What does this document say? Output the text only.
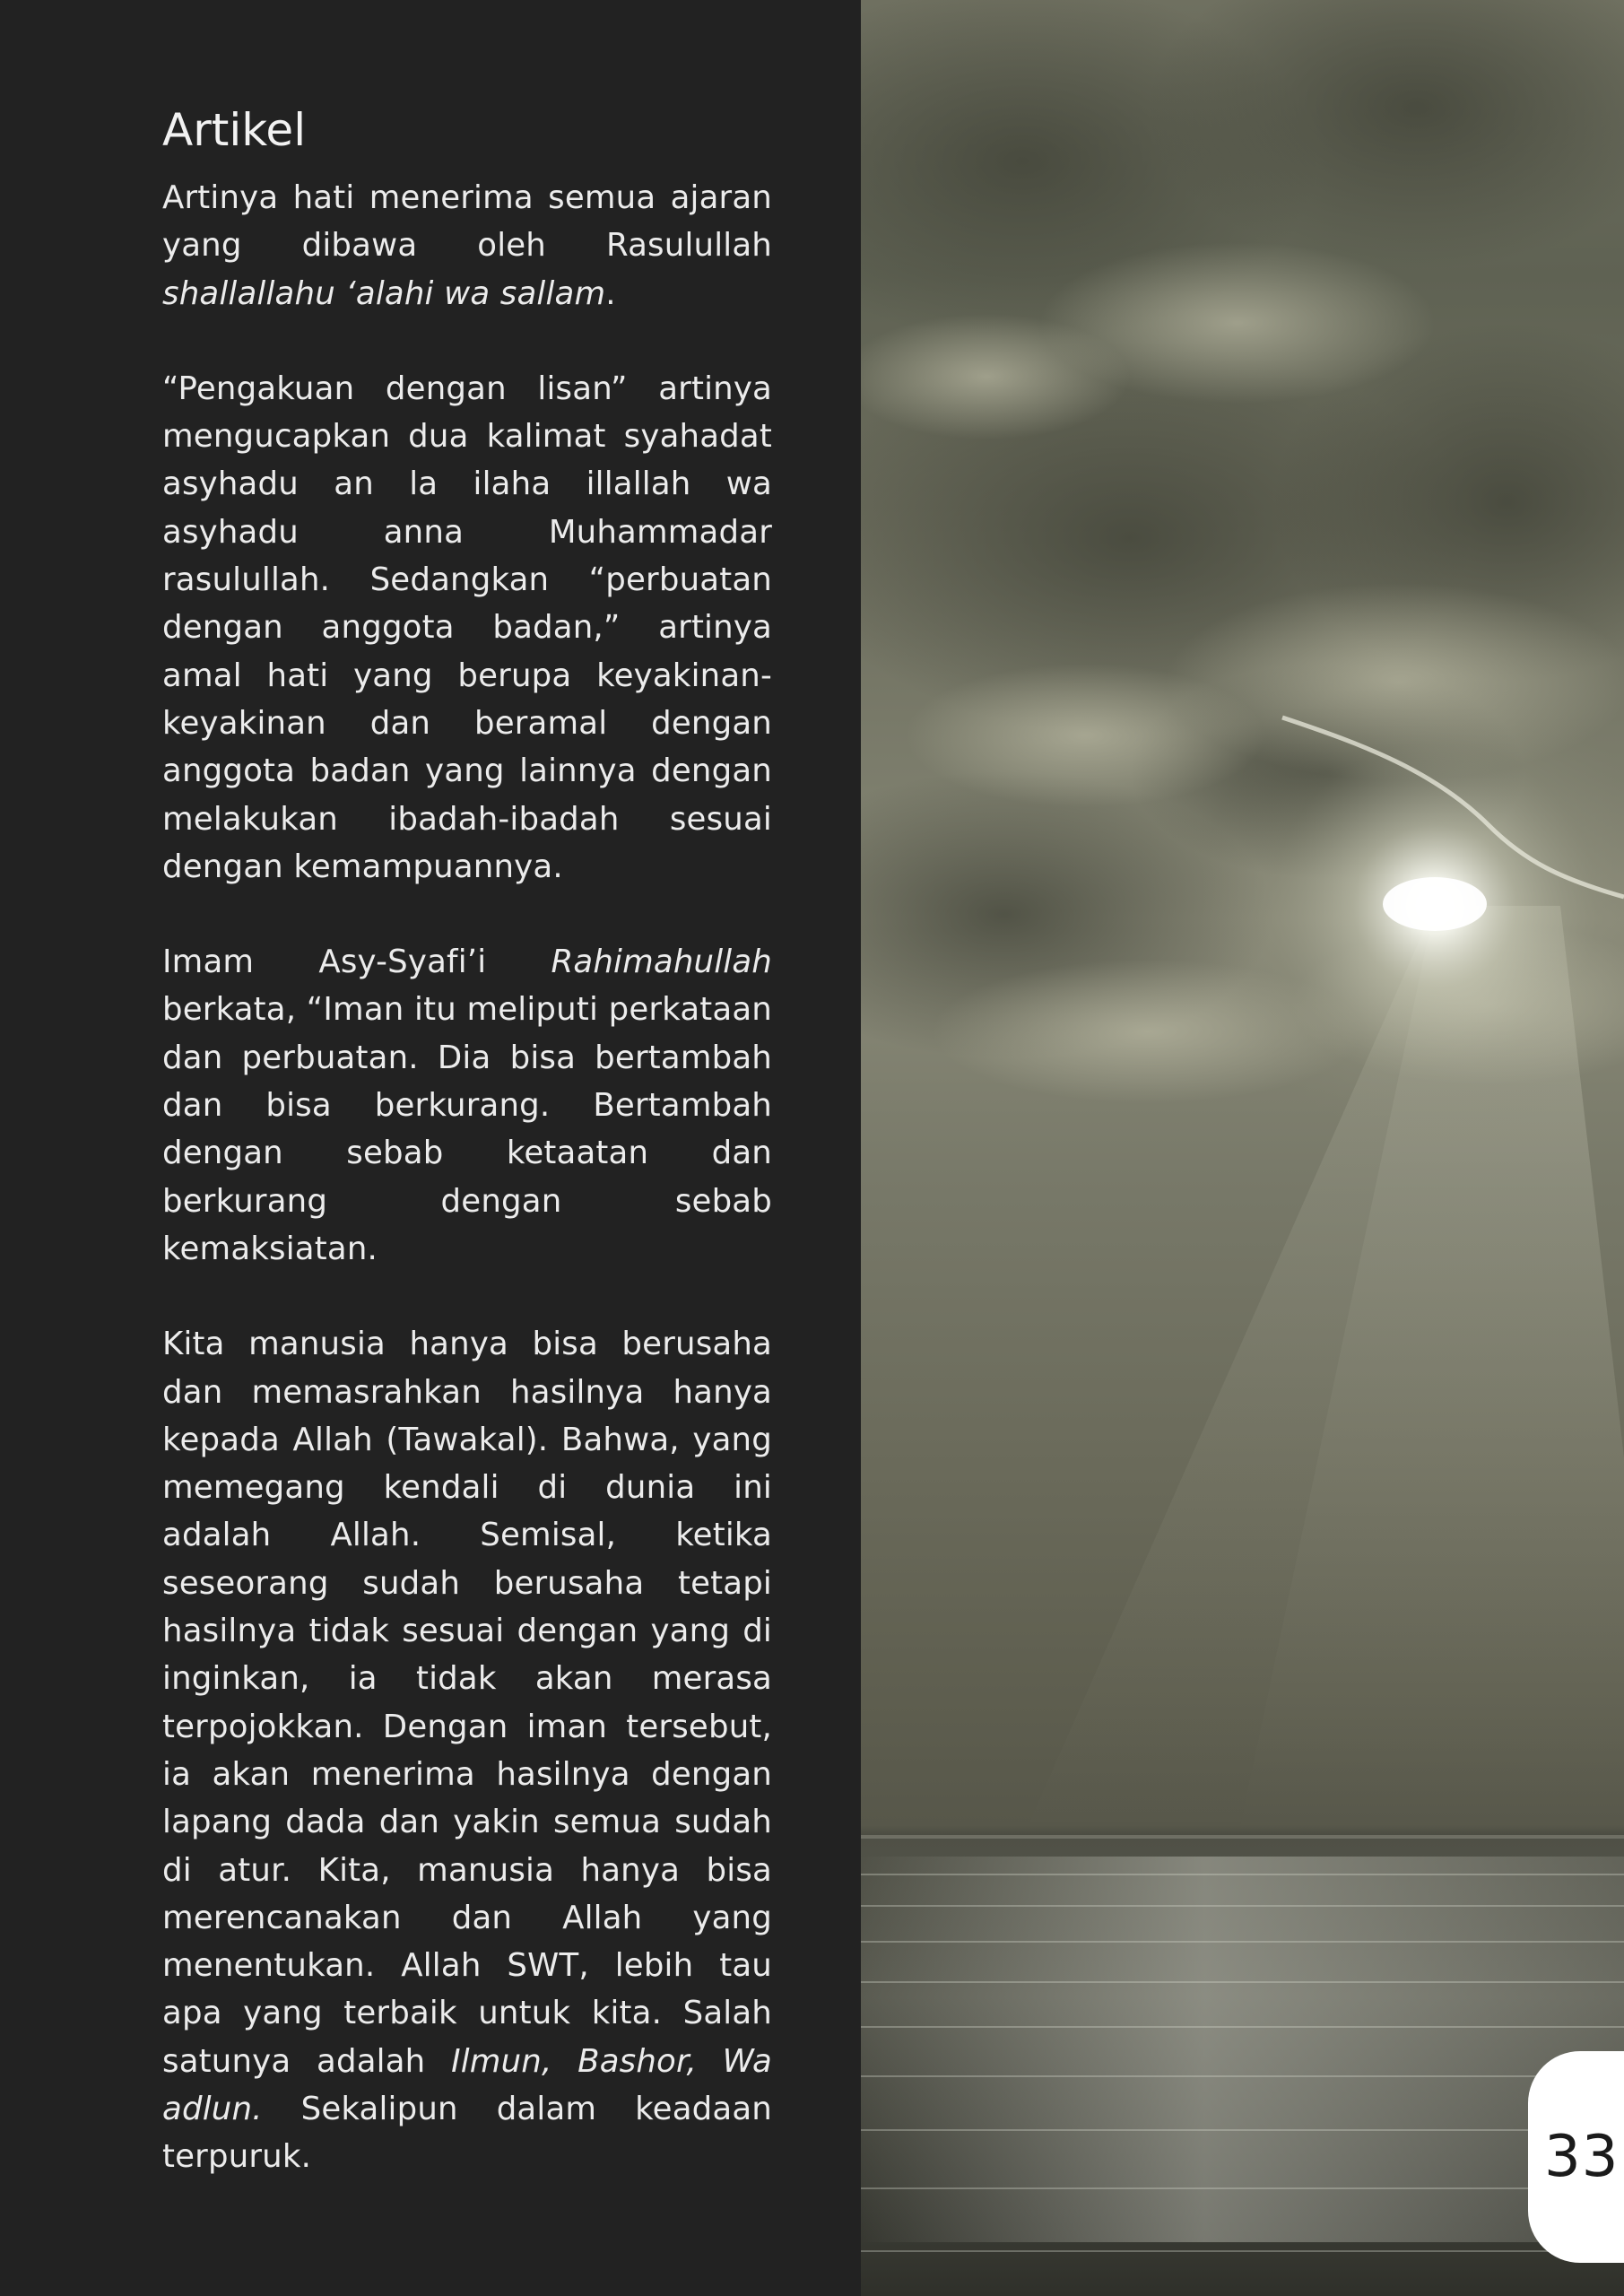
Artikel

Artinya hati menerima semua ajaran yang dibawa oleh Rasulullah shallallahu ‘alahi wa sallam.

“Pengakuan dengan lisan” artinya mengucapkan dua kalimat syahadat asyhadu an la ilaha illallah wa asyhadu anna Muhammadar rasulullah. Sedangkan “perbuatan dengan anggota badan,” artinya amal hati yang berupa keyakinan-keyakinan dan beramal dengan anggota badan yang lainnya dengan melakukan ibadah-ibadah sesuai dengan kemampuannya.

Imam Asy-Syafi’i Rahimahullah berkata, “Iman itu meliputi perkataan dan perbuatan. Dia bisa bertambah dan bisa berkurang. Bertambah dengan sebab ketaatan dan berkurang dengan sebab kemaksiatan.

Kita manusia hanya bisa berusaha dan memasrahkan hasilnya hanya kepada Allah (Tawakal). Bahwa, yang memegang kendali di dunia ini adalah Allah. Semisal, ketika seseorang sudah berusaha tetapi hasilnya tidak sesuai dengan yang di inginkan, ia tidak akan merasa terpojokkan. Dengan iman tersebut, ia akan menerima hasilnya dengan lapang dada dan yakin semua sudah di atur. Kita, manusia hanya bisa merencanakan dan Allah yang menentukan. Allah SWT, lebih tau apa yang terbaik untuk kita. Salah satunya adalah Ilmun, Bashor, Wa adlun. Sekalipun dalam keadaan terpuruk.	33
